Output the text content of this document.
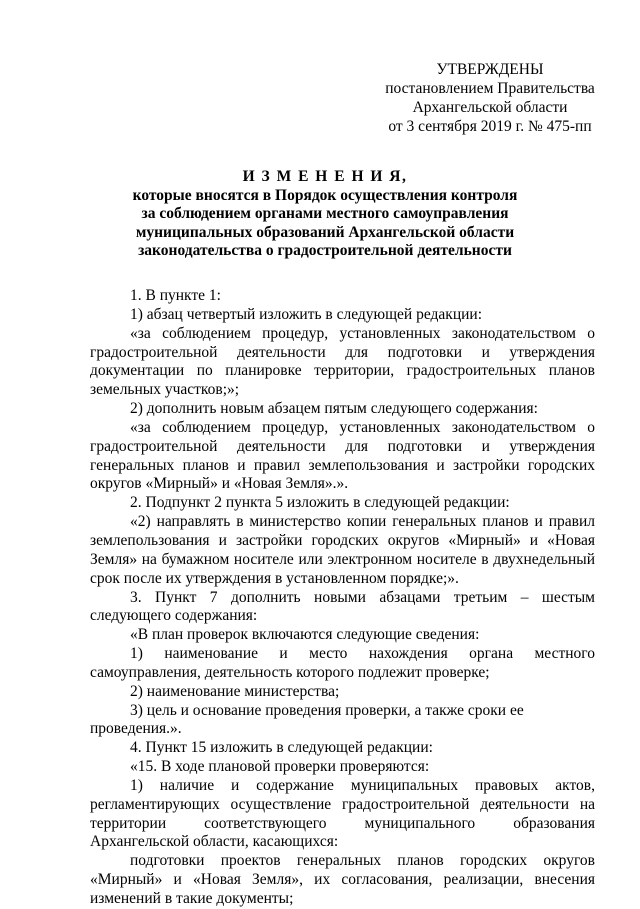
УТВЕРЖДЕНЫ
постановлением Правительства
Архангельской области
от 3 сентября 2019 г. № 475-пп
И З М Е Н Е Н И Я,
которые вносятся в Порядок осуществления контроля
за соблюдением органами местного самоуправления
муниципальных образований Архангельской области
законодательства о градостроительной деятельности

1. В пункте 1:

1) абзац четвертый изложить в следующей редакции:

«за соблюдением процедур, установленных законодательством о градостроительной деятельности для подготовки и утверждения документации по планировке территории, градостроительных планов земельных участков;»;

2) дополнить новым абзацем пятым следующего содержания:

«за соблюдением процедур, установленных законодательством о градостроительной деятельности для подготовки и утверждения генеральных планов и правил землепользования и застройки городских округов «Мирный» и «Новая Земля».».

2. Подпункт 2 пункта 5 изложить в следующей редакции:

«2) направлять в министерство копии генеральных планов и правил землепользования и застройки городских округов «Мирный» и «Новая Земля» на бумажном носителе или электронном носителе в двухнедельный срок после их утверждения в установленном порядке;».

3. Пункт 7 дополнить новыми абзацами третьим – шестым следующего содержания:

«В план проверок включаются следующие сведения:

1) наименование и место нахождения органа местного самоуправления, деятельность которого подлежит проверке;

2) наименование министерства;

3) цель и основание проведения проверки, а также сроки ее проведения.».

4. Пункт 15 изложить в следующей редакции:

«15. В ходе плановой проверки проверяются:

1) наличие и содержание муниципальных правовых актов, регламентирующих осуществление градостроительной деятельности на территории соответствующего муниципального образования Архангельской области, касающихся:

подготовки проектов генеральных планов городских округов «Мирный» и «Новая Земля», их согласования, реализации, внесения изменений в такие документы;
